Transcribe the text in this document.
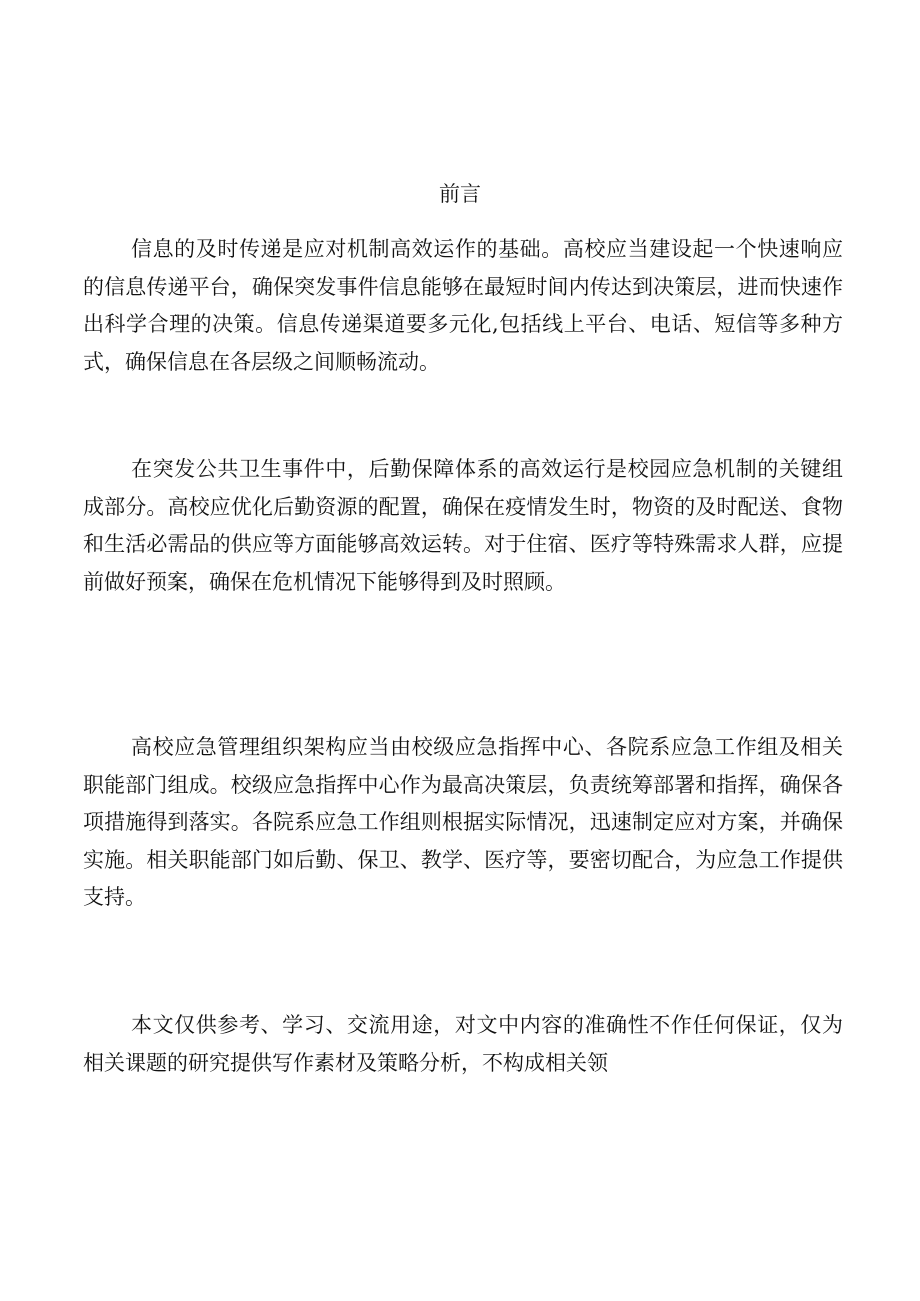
前言

信息的及时传递是应对机制高效运作的基础。高校应当建设起一个快速响应的信息传递平台，确保突发事件信息能够在最短时间内传达到决策层，进而快速作出科学合理的决策。信息传递渠道要多元化,包括线上平台、电话、短信等多种方式，确保信息在各层级之间顺畅流动。

在突发公共卫生事件中，后勤保障体系的高效运行是校园应急机制的关键组成部分。高校应优化后勤资源的配置，确保在疫情发生时，物资的及时配送、食物和生活必需品的供应等方面能够高效运转。对于住宿、医疗等特殊需求人群，应提前做好预案，确保在危机情况下能够得到及时照顾。

高校应急管理组织架构应当由校级应急指挥中心、各院系应急工作组及相关职能部门组成。校级应急指挥中心作为最高决策层，负责统筹部署和指挥，确保各项措施得到落实。各院系应急工作组则根据实际情况，迅速制定应对方案，并确保实施。相关职能部门如后勤、保卫、教学、医疗等，要密切配合，为应急工作提供支持。

本文仅供参考、学习、交流用途，对文中内容的准确性不作任何保证，仅为相关课题的研究提供写作素材及策略分析，不构成相关领
